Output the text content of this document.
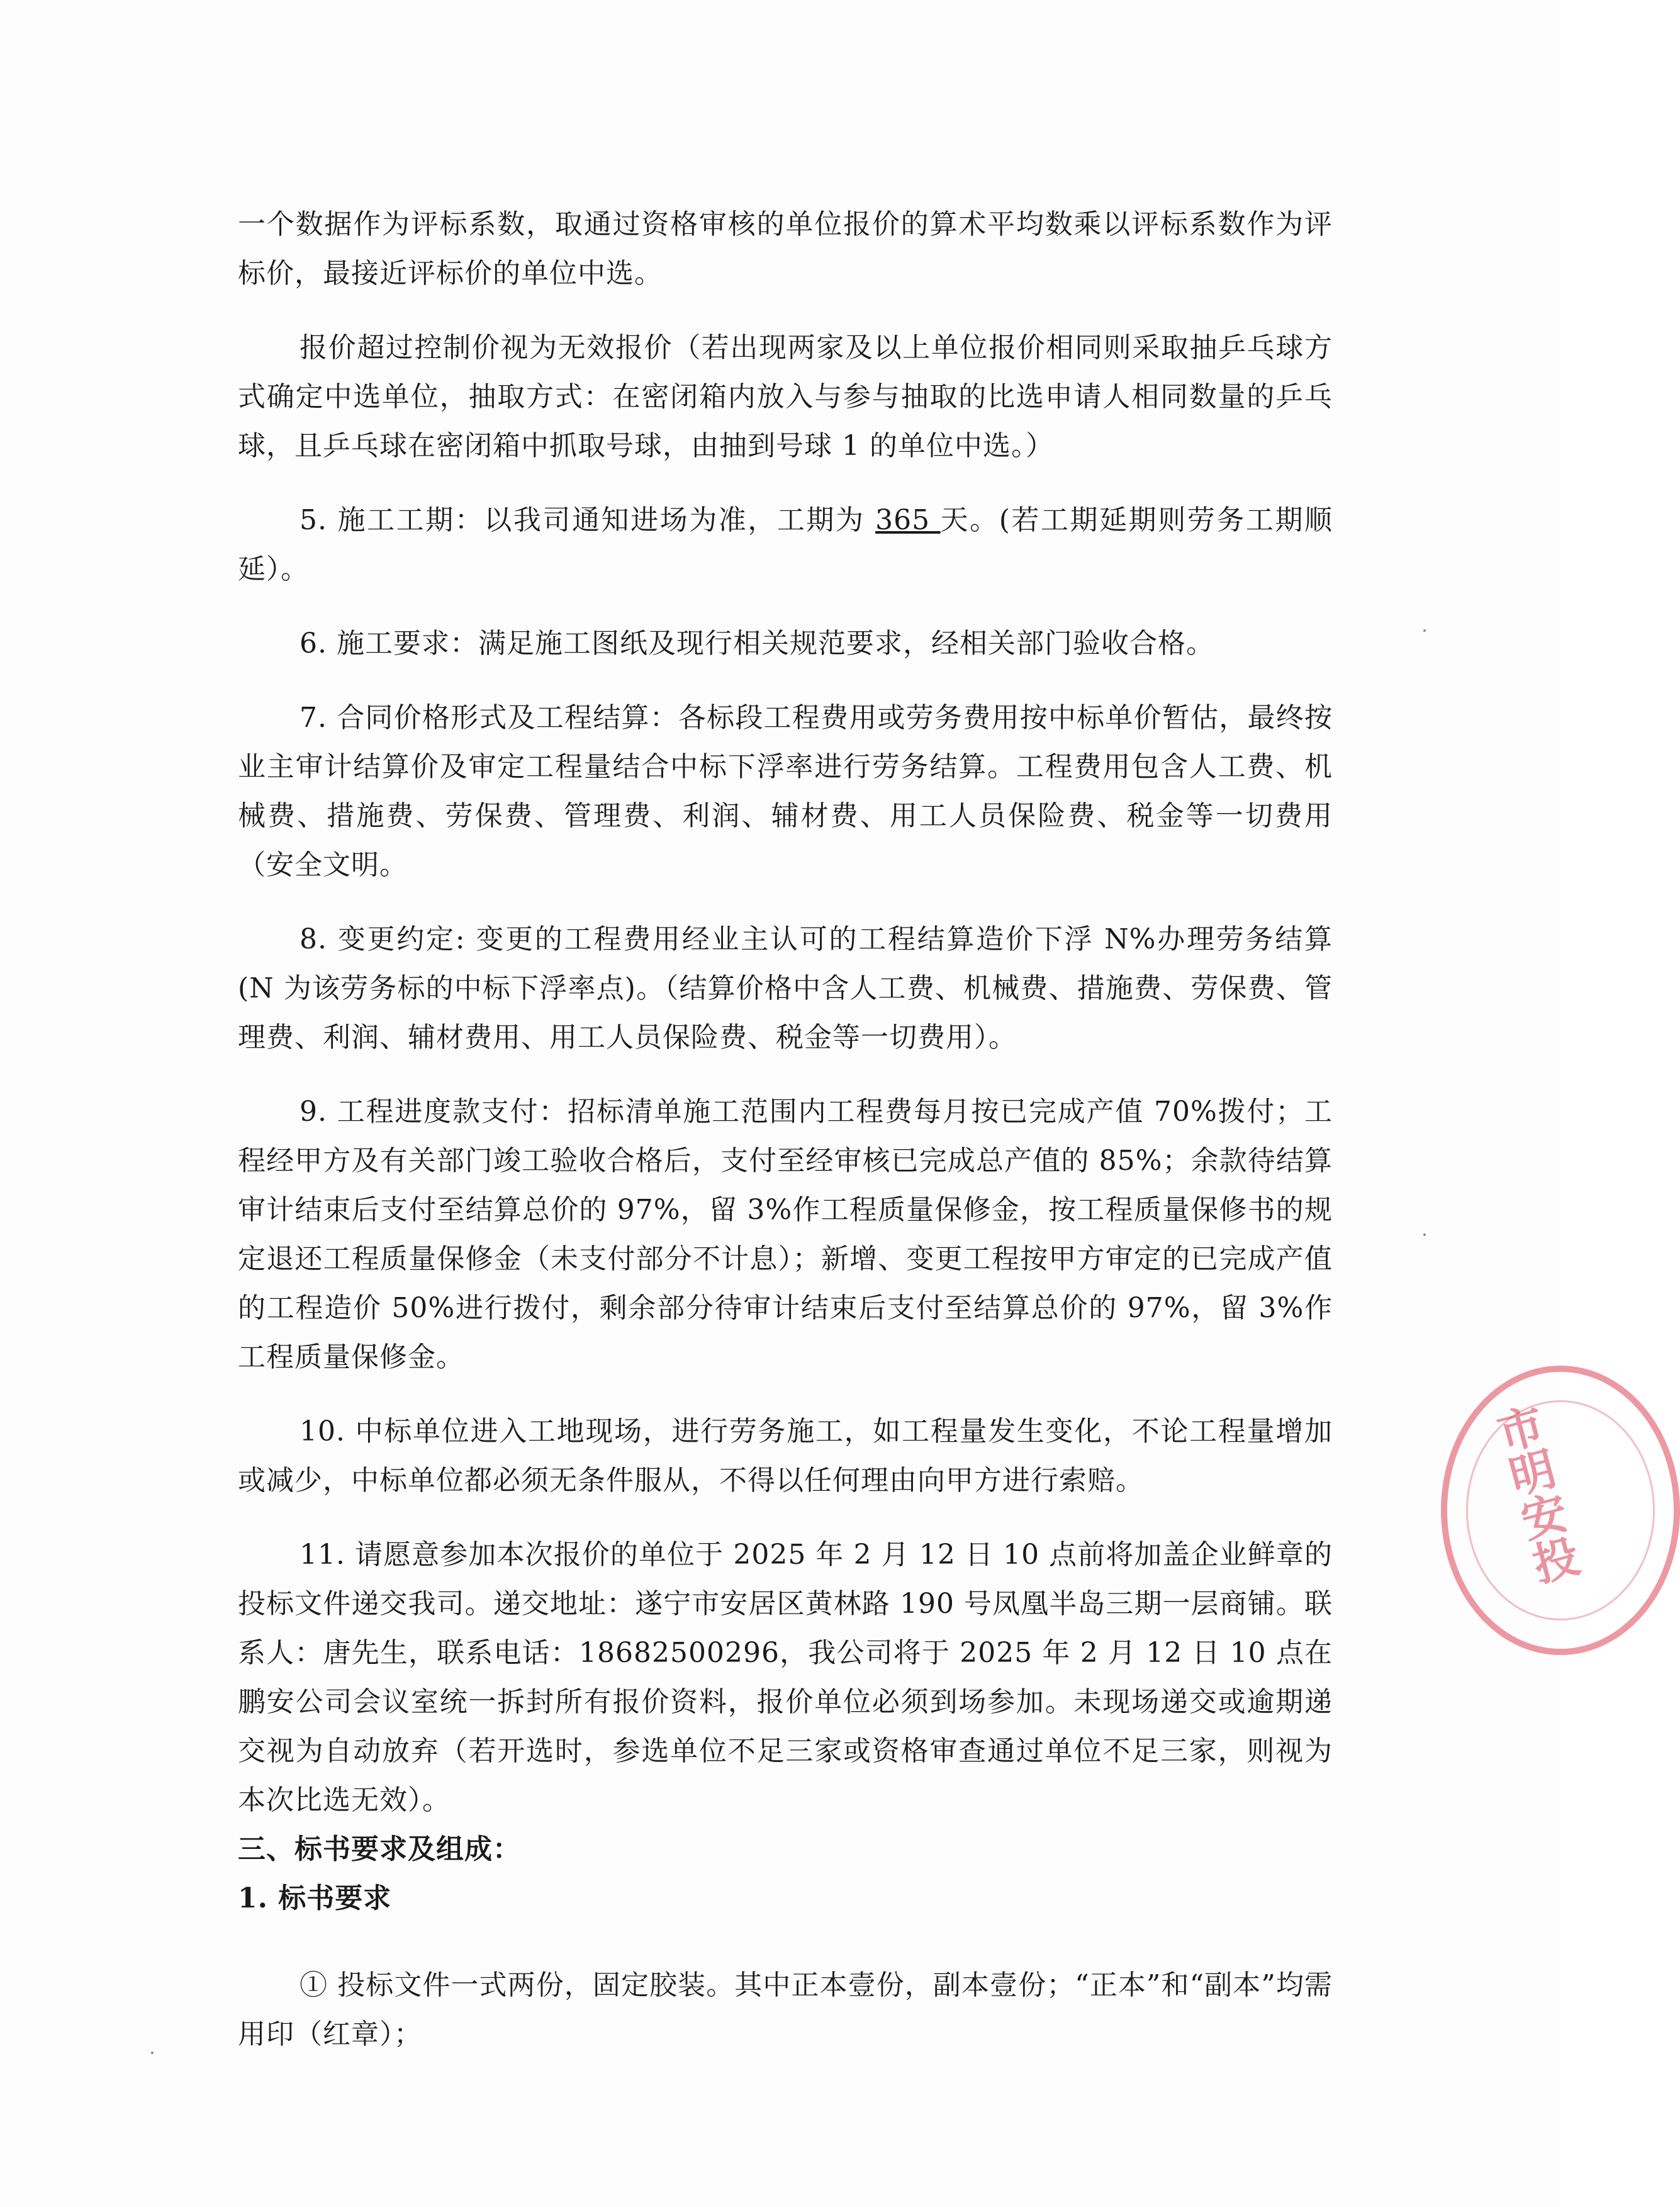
一个数据作为评标系数，取通过资格审核的单位报价的算术平均数乘以评标系数作为评标价，最接近评标价的单位中选。

报价超过控制价视为无效报价（若出现两家及以上单位报价相同则采取抽乒乓球方式确定中选单位，抽取方式：在密闭箱内放入与参与抽取的比选申请人相同数量的乒乓球，且乒乓球在密闭箱中抓取号球，由抽到号球 1 的单位中选。）

5. 施工工期：以我司通知进场为准，工期为 365 天。(若工期延期则劳务工期顺延）。

6. 施工要求：满足施工图纸及现行相关规范要求，经相关部门验收合格。

7. 合同价格形式及工程结算：各标段工程费用或劳务费用按中标单价暂估，最终按业主审计结算价及审定工程量结合中标下浮率进行劳务结算。工程费用包含人工费、机械费、措施费、劳保费、管理费、利润、辅材费、用工人员保险费、税金等一切费用（安全文明。

8. 变更约定: 变更的工程费用经业主认可的工程结算造价下浮 N%办理劳务结算 (N 为该劳务标的中标下浮率点)。（结算价格中含人工费、机械费、措施费、劳保费、管理费、利润、辅材费用、用工人员保险费、税金等一切费用）。

9. 工程进度款支付：招标清单施工范围内工程费每月按已完成产值 70%拨付；工程经甲方及有关部门竣工验收合格后，支付至经审核已完成总产值的 85%；余款待结算审计结束后支付至结算总价的 97%，留 3%作工程质量保修金，按工程质量保修书的规定退还工程质量保修金（未支付部分不计息）；新增、变更工程按甲方审定的已完成产值的工程造价 50%进行拨付，剩余部分待审计结束后支付至结算总价的 97%，留 3%作工程质量保修金。

10. 中标单位进入工地现场，进行劳务施工，如工程量发生变化，不论工程量增加或减少，中标单位都必须无条件服从，不得以任何理由向甲方进行索赔。

11. 请愿意参加本次报价的单位于 2025 年 2 月 12 日 10 点前将加盖企业鲜章的投标文件递交我司。递交地址：遂宁市安居区黄林路 190 号凤凰半岛三期一层商铺。联系人：唐先生，联系电话：18682500296，我公司将于 2025 年 2 月 12 日 10 点在鹏安公司会议室统一拆封所有报价资料，报价单位必须到场参加。未现场递交或逾期递交视为自动放弃（若开选时，参选单位不足三家或资格审查通过单位不足三家，则视为本次比选无效）。

三、标书要求及组成：

1. 标书要求

① 投标文件一式两份，固定胶装。其中正本壹份，副本壹份；“正本”和“副本”均需用印（红章）；

市明安投
